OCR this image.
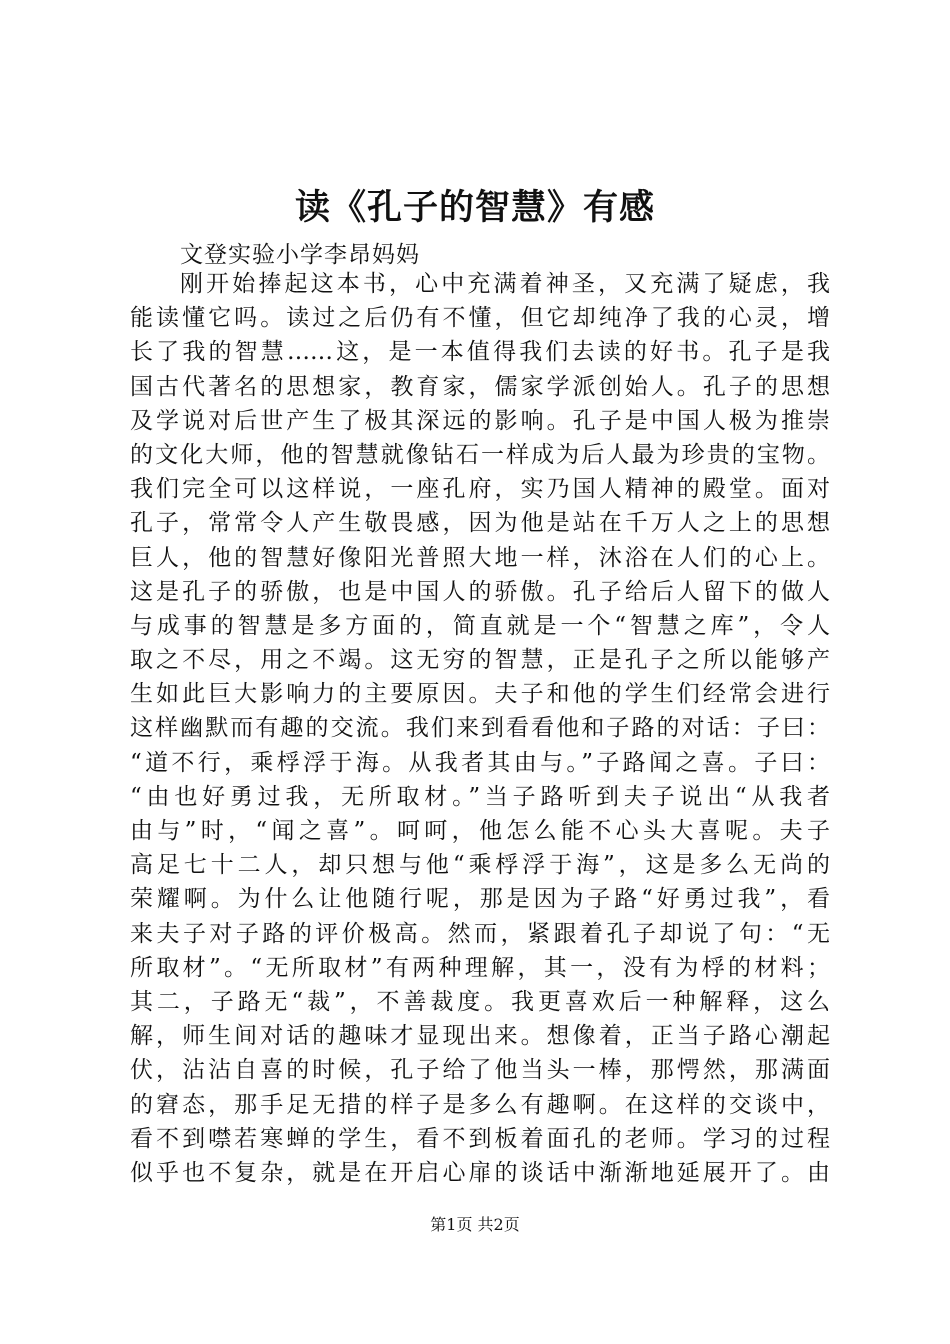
读《孔子的智慧》有感
文登实验小学李昂妈妈
刚开始捧起这本书，心中充满着神圣，又充满了疑虑，我
能读懂它吗。读过之后仍有不懂，但它却纯净了我的心灵，增
长了我的智慧……这，是一本值得我们去读的好书。孔子是我
国古代著名的思想家，教育家，儒家学派创始人。孔子的思想
及学说对后世产生了极其深远的影响。孔子是中国人极为推崇
的文化大师，他的智慧就像钻石一样成为后人最为珍贵的宝物。
我们完全可以这样说，一座孔府，实乃国人精神的殿堂。面对
孔子，常常令人产生敬畏感，因为他是站在千万人之上的思想
巨人，他的智慧好像阳光普照大地一样，沐浴在人们的心上。
这是孔子的骄傲，也是中国人的骄傲。孔子给后人留下的做人
与成事的智慧是多方面的，简直就是一个“智慧之库”，令人
取之不尽，用之不竭。这无穷的智慧，正是孔子之所以能够产
生如此巨大影响力的主要原因。夫子和他的学生们经常会进行
这样幽默而有趣的交流。我们来到看看他和子路的对话：子曰：
“道不行，乘桴浮于海。从我者其由与。”子路闻之喜。子曰：
“由也好勇过我，无所取材。”当子路听到夫子说出“从我者
由与”时，“闻之喜”。呵呵，他怎么能不心头大喜呢。夫子
高足七十二人，却只想与他“乘桴浮于海”，这是多么无尚的
荣耀啊。为什么让他随行呢，那是因为子路“好勇过我”，看
来夫子对子路的评价极高。然而，紧跟着孔子却说了句：“无
所取材”。“无所取材”有两种理解，其一，没有为桴的材料；
其二，子路无“裁”，不善裁度。我更喜欢后一种解释，这么
解，师生间对话的趣味才显现出来。想像着，正当子路心潮起
伏，沾沾自喜的时候，孔子给了他当头一棒，那愕然，那满面
的窘态，那手足无措的样子是多么有趣啊。在这样的交谈中，
看不到噤若寒蝉的学生，看不到板着面孔的老师。学习的过程
似乎也不复杂，就是在开启心扉的谈话中渐渐地延展开了。由
第1页 共2页
